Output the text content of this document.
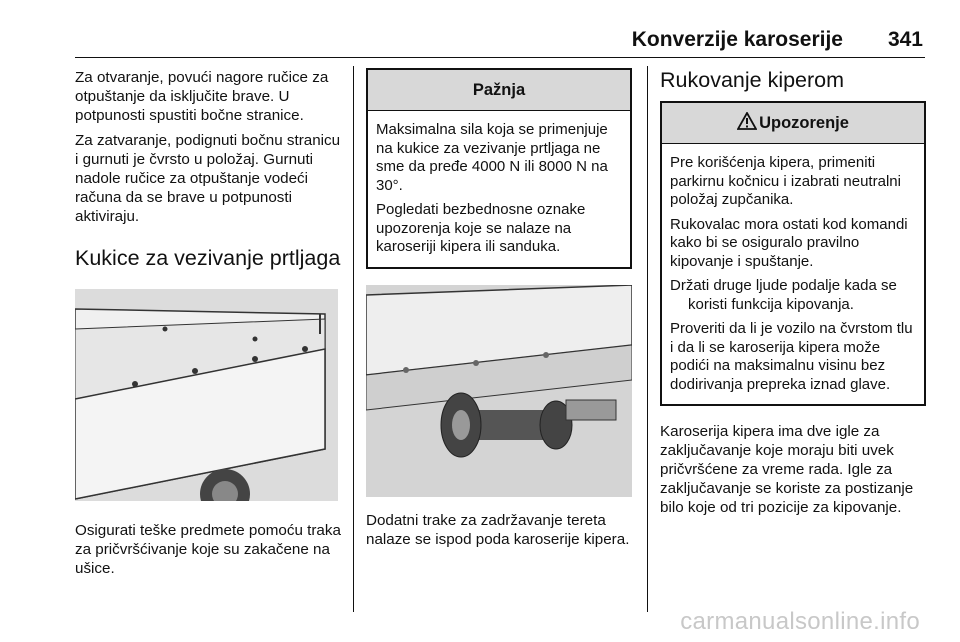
Konverzije karoserije 341

Za otvaranje, povući nagore ručice za otpuštanje da isključite brave. U potpunosti spustiti bočne stranice.

Za zatvaranje, podignuti bočnu stranicu i gurnuti je čvrsto u položaj. Gurnuti nadole ručice za otpuštanje vodeći računa da se brave u potpunosti aktiviraju.

Kukice za vezivanje prtljaga

Osigurati teške predmete pomoću traka za pričvršćivanje koje su zakačene na ušice.

Pažnja

Maksimalna sila koja se primenjuje na kukice za vezivanje prtljaga ne sme da pređe 4000 N ili 8000 N na 30°.

Pogledati bezbednosne oznake upozorenja koje se nalaze na karoseriji kipera ili sanduka.

Dodatni trake za zadržavanje tereta nalaze se ispod poda karoserije kipera.

Rukovanje kiperom
Upozorenje

Pre korišćenja kipera, primeniti parkirnu kočnicu i izabrati neutralni položaj zupčanika.

Rukovalac mora ostati kod komandi kako bi se osiguralo pravilno kipovanje i spuštanje.

Držati druge ljude podalje kada se koristi funkcija kipovanja.

Proveriti da li je vozilo na čvrstom tlu i da li se karoserija kipera može podići na maksimalnu visinu bez dodirivanja prepreka iznad glave.

Karoserija kipera ima dve igle za zaključavanje koje moraju biti uvek pričvršćene za vreme rada. Igle za zaključavanje se koriste za postizanje bilo koje od tri pozicije za kipovanje.

carmanualsonline.info
